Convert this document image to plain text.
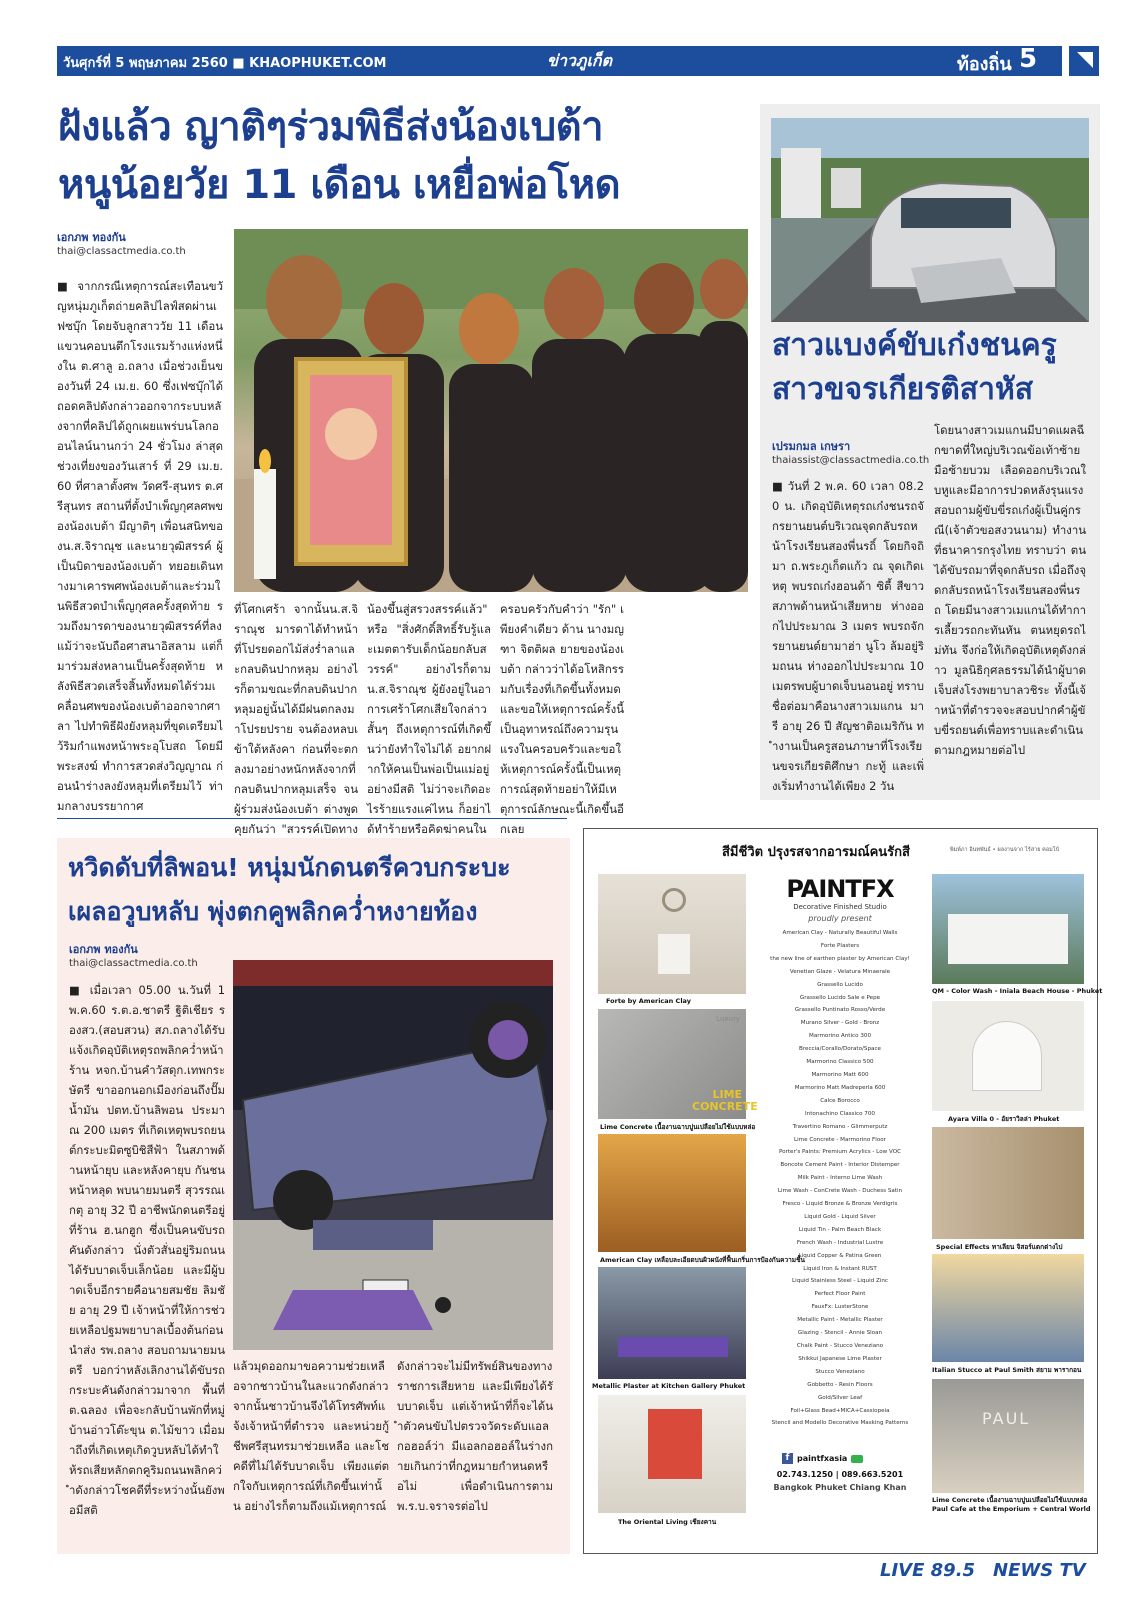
วันศุกร์ที่ 5 พฤษภาคม 2560 ■ KHAOPHUKET.COM	ข่าวภูเก็ต	ท้องถิ่น 5
ฝังแล้ว ญาติๆร่วมพิธีส่งน้องเบต้า
หนูน้อยวัย 11 เดือน เหยื่อพ่อโหด
เอกภพ ทองกัน
thai@classactmedia.co.th
■ จากกรณีเหตุการณ์สะเทือนขวัญหนุ่มภูเก็ตถ่ายคลิปไลฟ์สดผ่านเฟซบุ๊ก โดยจับลูกสาววัย 11 เดือนแขวนคอบนตึกโรงแรมร้างแห่งหนึ่งใน ต.ศาลู อ.ถลาง เมื่อช่วงเย็นของวันที่ 24 เม.ย. 60 ซึ่งเฟซบุ๊กได้ถอดคลิปดังกล่าวออกจากระบบหลังจากที่คลิปได้ถูกเผยแพร่บนโลกออนไลน์นานกว่า 24 ชั่วโมง ล่าสุด ช่วงเที่ยงของวันเสาร์ ที่ 29 เม.ย. 60 ที่ศาลาตั้งศพ วัดศรี-สุนทร ต.ศรีสุนทร สถานที่ตั้งบำเพ็ญกุศลศพของน้องเบต้า มีญาติๆ เพื่อนสนิทของน.ส.จิราณุช และนายวุฒิสรรค์ ผู้เป็นบิดาของน้องเบต้า ทยอยเดินทางมาเคารพศพน้องเบต้าและร่วมในพิธีสวดบำเพ็ญกุศลครั้งสุดท้าย รวมถึงมารดาของนายวุฒิสรรค์ที่ลงแม้ว่าจะนับถือศาสนาอิสลาม แต่ก็มาร่วมส่งหลานเป็นครั้งสุดท้าย หลังพิธีสวดเสร็จสิ้นทั้งหมดได้ร่วมเคลื่อนศพของน้องเบต้าออกจากศาลา ไปทำพิธีฝังยังหลุมที่ขุดเตรียมไว้ริมกำแพงหน้าพระอุโบสถ โดยมีพระสงฆ์ ทำการสวดส่งวิญญาณ ก่อนนำร่างลงยังหลุมที่เตรียมไว้ ท่ามกลางบรรยากาศ
ที่โศกเศร้า จากนั้นน.ส.จิราณุช มารดาได้ทำหน้าที่โปรยดอกไม้ส่งร่ำลาและกลบดินปากหลุม อย่างไรก็ตามขณะที่กลบดินปากหลุมอยู่นั้นได้มีฝนตกลงมาโปรยปราย จนต้องหลบเข้าใต้หลังคา ก่อนที่จะตกลงมาอย่างหนักหลังจากที่กลบดินปากหลุมเสร็จ จนผู้ร่วมส่งน้องเบต้า ต่างพูดคุยกันว่า "สวรรค์เปิดทาง
น้องขึ้นสู่สรวงสรรค์แล้ว" หรือ "สิ่งศักดิ์สิทธิ์รับรู้และเมตตารับเด็กน้อยกลับสวรรค์" อย่างไรก็ตาม น.ส.จิราณุช ผู้ยังอยู่ในอาการเศร้าโศกเสียใจกล่าวสั้นๆ ถึงเหตุการณ์ที่เกิดขึ้นว่ายังทำใจไม่ได้ อยากฝากให้คนเป็นพ่อเป็นแม่อยู่อย่างมีสติ ไม่ว่าจะเกิดอะไรร้ายแรงแค่ไหน ก็อย่าได้ทำร้ายหรือคิดฆ่าคนใน
ครอบครัวกับคำว่า "รัก" เพียงคำเดียว ด้าน นางมญฑา จิตติผล ยายของน้องเบต้า กล่าวว่าได้อโหสิกรรมกับเรื่องที่เกิดขึ้นทั้งหมดและขอให้เหตุการณ์ครั้งนี้เป็นอุทาหรณ์ถึงความรุนแรงในครอบครัวและขอให้เหตุการณ์ครั้งนี้เป็นเหตุการณ์สุดท้ายอย่าให้มีเหตุการณ์ลักษณะนี้เกิดขึ้นอีกเลย
สาวแบงค์ขับเก๋งชนครู
สาวขจรเกียรติสาหัส
เปรมกมล เกษรา
thaiassist@classactmedia.co.th
■ วันที่ 2 พ.ค. 60 เวลา 08.20 น. เกิดอุบัติเหตุรถเก๋งชนรถจักรยานยนต์บริเวณจุดกลับรถหน้าโรงเรียนสองพี่นรถิ์ โดยกิจถิมา ถ.พระภูเก็ตแก้ว ณ จุดเกิดเหตุ พบรถเก๋งฮอนด้า ซิตี้ สีขาว สภาพด้านหน้าเสียหาย ห่างออกไปประมาณ 3 เมตร พบรถจักรยานยนต์ยามาฮ่า นูโว ล้มอยู่ริมถนน ห่างออกไปประมาณ 10 เมตรพบผู้บาดเจ็บนอนอยู่ ทราบชื่อต่อมาคือนางสาวเมแกน มารี อายุ 26 ปี สัญชาติอเมริกัน ทำงานเป็นครูสอนภาษาที่โรงเรียนขจรเกียรติศึกษา กะทู้ และเพิ่งเริ่มทำงานได้เพียง 2 วัน
โดยนางสาวเมแกนมีบาดแผลฉีกขาดที่ใหญ่บริเวณข้อเท้าซ้าย มือซ้ายบวม เลือดออกบริเวณใบหูและมีอาการปวดหลังรุนแรง สอบถามผู้ขับขี่รถเก๋งผู้เป็นคู่กรณี(เจ้าตัวขอสงวนนาม) ทำงานที่ธนาคารกรุงไทย ทราบว่า ตนได้ขับรถมาที่จุดกลับรถ เมื่อถึงจุดกลับรถหน้าโรงเรียนสองพี่นรถ โดยมีนางสาวเมแกนได้ทำการเลี้ยวรถกะทันหัน ตนหยุดรถไม่ทัน จึงก่อให้เกิดอุบัติเหตุดังกล่าว มูลนิธิกุศลธรรมได้นำผู้บาดเจ็บส่งโรงพยาบาลวชิระ ทั้งนี้เจ้าหน้าที่ตำรวจจะสอบปากคำผู้ขับขี่รถยนต์เพื่อทราบและดำเนินตามกฎหมายต่อไป
หวิดดับที่ลิพอน! หนุ่มนักดนตรีควบกระบะ
เผลอวูบหลับ พุ่งตกคูพลิกคว่ำหงายท้อง
เอกภพ ทองกัน
thai@classactmedia.co.th
■ เมื่อเวลา 05.00 น.วันที่ 1 พ.ค.60 ร.ต.อ.ชาตรี ฐิติเชียร รองสว.(สอบสวน) สภ.ถลางได้รับแจ้งเกิดอุบัติเหตุรถพลิกคว่ำหน้าร้าน หจก.บ้านคำวัสดุก.เทพกระษัตรี ขาออกนอกเมืองก่อนถึงปั๊มน้ำมัน ปตท.บ้านลิพอน ประมาณ 200 เมตร ที่เกิดเหตุพบรถยนต์กระบะมิตซูบิชิสีฟ้า ในสภาพด้านหน้ายุบ และหลังคายุบ กันชนหน้าหลุด พบนายมนตรี สุวรรณเกตุ อายุ 32 ปี อาชีพนักดนตรีอยู่ที่ร้าน ฮ.นกฮูก ซึ่งเป็นคนขับรถคันดังกล่าว นั่งตัวสั่นอยู่ริมถนน ได้รับบาดเจ็บเล็กน้อย และมีผู้บาดเจ็บอีกรายคือนายสมชัย ลิมชัย อายุ 29 ปี เจ้าหน้าที่ให้การช่วยเหลือปฐมพยาบาลเบื้องต้นก่อนนำส่ง รพ.ถลาง สอบถามนายมนตรี บอกว่าหลังเลิกงานได้ขับรถกระบะคันดังกล่าวมาจาก พื้นที่ ต.ฉลอง เพื่อจะกลับบ้านพักที่หมู่บ้านอ่าวโต๊ะขุน ต.ไม้ขาว เมื่อมาถึงที่เกิดเหตุเกิดวูบหลับได้ทำให้รถเสียหลักตกคูริมถนนพลิกคว่ำดังกล่าวโชคดีที่ระหว่างนั้นยังพอมีสติ
แล้วมุดออกมาขอความช่วยเหลือจากชาวบ้านในละแวกดังกล่าว จากนั้นชาวบ้านจึงได้โทรศัพท์แจ้งเจ้าหน้าที่ตำรวจ และหน่วยกู้ชีพศรีสุนทรมาช่วยเหลือ และโชคดีที่ไม่ได้รับบาดเจ็บ เพียงแต่ตกใจกับเหตุการณ์ที่เกิดขึ้นเท่านั้น อย่างไรก็ตามถึงแม้เหตุการณ์
ดังกล่าวจะไม่มีทรัพย์สินของทางราชการเสียหาย และมีเพียงได้รับบาดเจ็บ แต่เจ้าหน้าที่ก็จะได้นำตัวคนขับไปตรวจวัดระดับแอลกอฮอล์ว่า มีแอลกอฮอล์ในร่างกายเกินกว่าที่กฎหมายกำหนดหรือไม่ เพื่อดำเนินการตาม พ.ร.บ.จราจรต่อไป
สีมีชีวิต ปรุงรสจากอารมณ์คนรักสี	พิมพ์ภา อินทพันธ์ • ผลงานจาก ไร้สาย คอมโบ้
Forte by American Clay
Luxury
LIME CONCRETE
Lime Concrete เนื้องานฉาบปูนเปลือยไม่ใช้แบบหล่อ
American Clay เหลือบละเอียดบนผิวผนังที่ฟื้นเกริ่นการป้องกันความชื้น
Metallic Plaster at Kitchen Gallery Phuket
The Oriental Living เชียงคาน
PAINTFX
Decorative Finished Studio
proudly present
American Clay - Naturally Beautiful Walls
Forte Plasters
the new line of earthen plaster by American Clay!
Venetian Glaze - Velatura Minaerale
Grassello Lucido
Grassello Lucido Sale e Pepe
Grassello Puntinato Rosso/Verde
Murano Silver - Gold - Bronz
Marmorino Antico 300
Breccia/Corallo/Dorato/Space
Marmorino Classico 500
Marmorino Matt 600
Marmorino Matt Madreperla 600
Calce Borocco
Intonachino Classico 700
Travertino Romano - Glimmerputz
Lime Concrete - Marmorino Floor
Porter's Paints: Premium Acrylics - Low VOC
Boncote Cement Paint - Interior Distemper
Milk Paint - Interno Lime Wash
Lime Wash - ConCrete Wash - Duchess Satin
Fresco - Liquid Bronze & Bronze Verdigris
Liquid Gold - Liquid Silver
Liquid Tin - Palm Beach Black
French Wash - Industrial Lustre
Liquid Copper & Patina Green
Liquid Iron & Instant RUST
Liquid Stainless Steel - Liquid Zinc
Perfect Floor Paint
FauxFx: LusterStone
Metallic Paint - Metallic Plaster
Glazing - Stencil - Annie Sloan
Chalk Paint - Stucco Veneziano
Shikkui Japanese Lime Plaster
Stucco Veneziano
Gobbetto - Resin Floors
Gold/Silver Leaf
Foil+Glass Bead+MICA+Cassiopeia
Stencil and Modello Decorative Masking Patterns
f paintfxasia
02.743.1250 | 089.663.5201
Bangkok Phuket Chiang Khan
QM - Color Wash - Iniala Beach House - Phuket
Ayara Villa 0 - อัยราวิลล่า Phuket
Special Effects ทาเลียน จิสอร์แตกต่างไป
Italian Stucco at Paul Smith สยาม พารากอน
PAUL
Lime Concrete เนื้องานฉาบปูนเปลือยไม่ใช้แบบหล่อ Paul Cafe at the Emporium + Central World
LIVE 89.5 NEWS TV
